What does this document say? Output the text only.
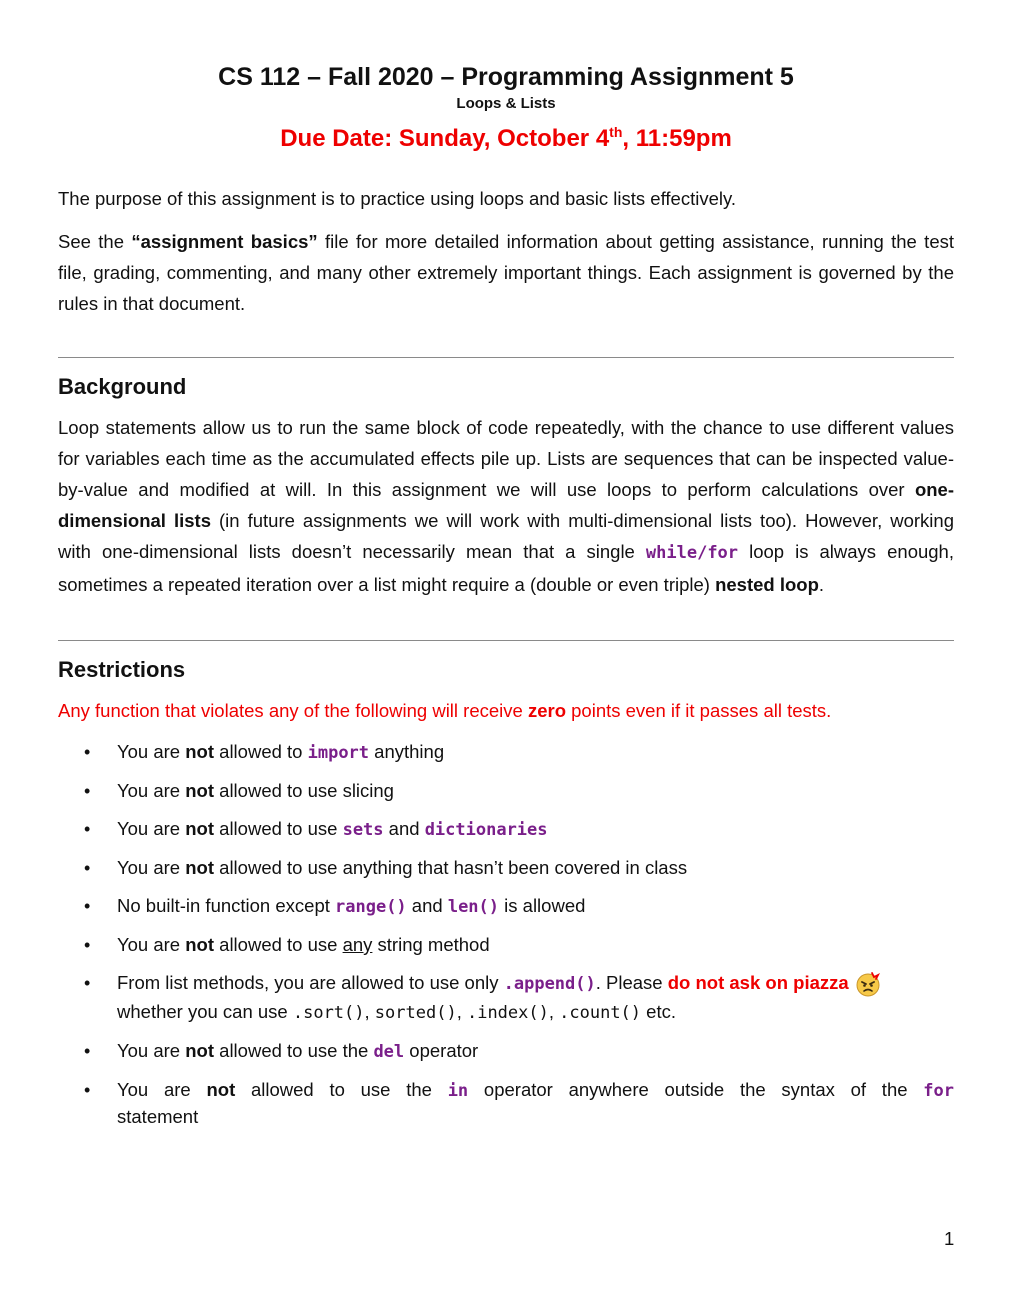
CS 112 – Fall 2020 – Programming Assignment 5
Loops & Lists
Due Date: Sunday, October 4th, 11:59pm

The purpose of this assignment is to practice using loops and basic lists effectively.

See the “assignment basics” file for more detailed information about getting assistance, running the test file, grading, commenting, and many other extremely important things. Each assignment is governed by the rules in that document.

Background

Loop statements allow us to run the same block of code repeatedly, with the chance to use different values for variables each time as the accumulated effects pile up. Lists are sequences that can be inspected value-by-value and modified at will. In this assignment we will use loops to perform calculations over one-dimensional lists (in future assignments we will work with multi-dimensional lists too). However, working with one-dimensional lists doesn’t necessarily mean that a single while/for loop is always enough, sometimes a repeated iteration over a list might require a (double or even triple) nested loop.

Restrictions

Any function that violates any of the following will receive zero points even if it passes all tests.

• You are not allowed to import anything
• You are not allowed to use slicing
• You are not allowed to use sets and dictionaries
• You are not allowed to use anything that hasn’t been covered in class
• No built-in function except range() and len() is allowed
• You are not allowed to use any string method
• From list methods, you are allowed to use only .append(). Please do not ask on piazza
whether you can use .sort(), sorted(), .index(), .count() etc.
• You are not allowed to use the del operator
• You are not allowed to use the in operator anywhere outside the syntax of the for
statement
1
